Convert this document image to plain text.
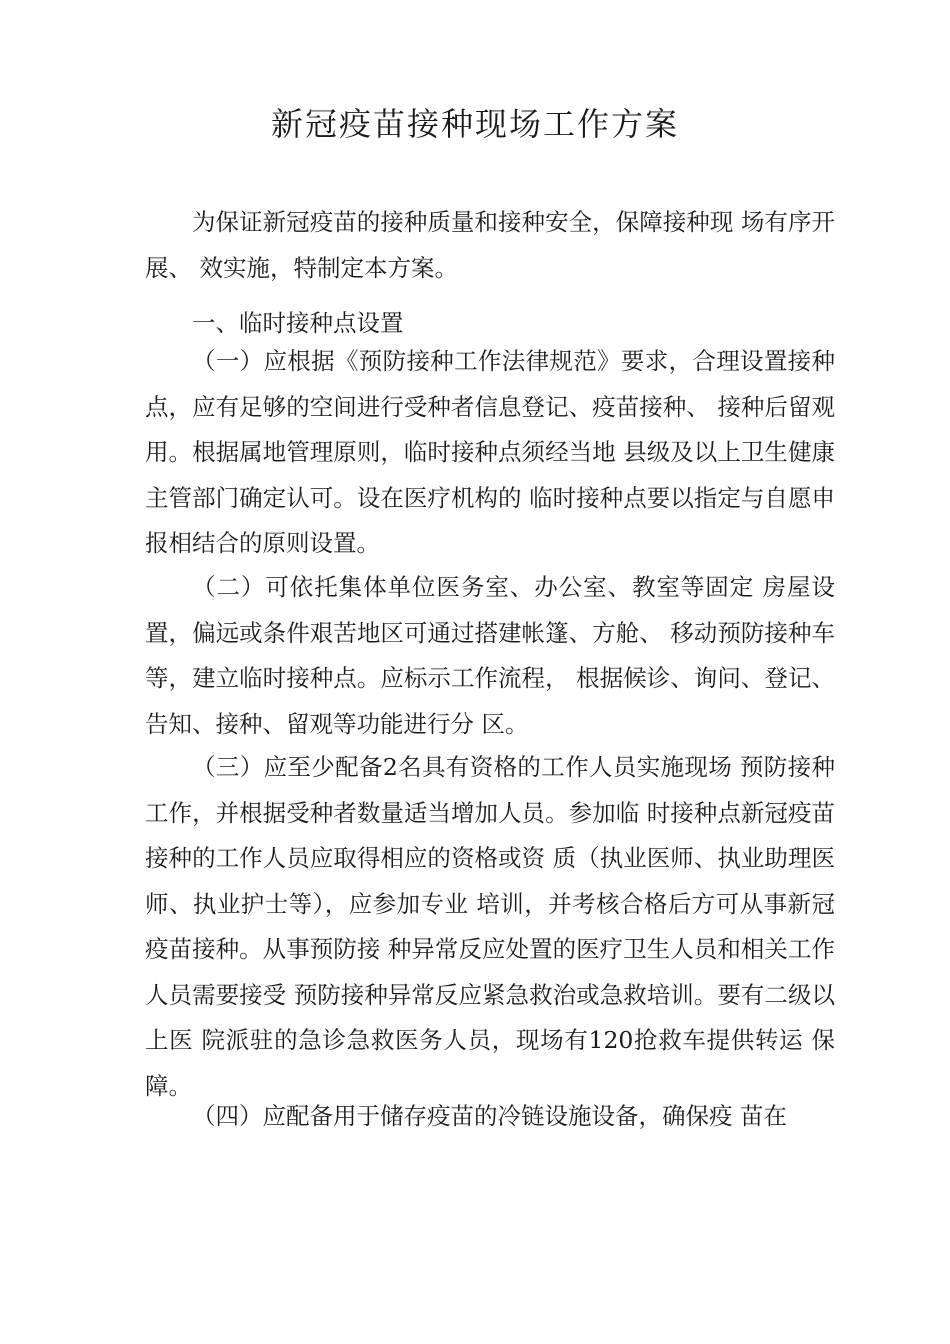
新冠疫苗接种现场工作方案

为保证新冠疫苗的接种质量和接种安全，保障接种现 场有序开展、 效实施，特制定本方案。

一、临时接种点设置

（一）应根据《预防接种工作法律规范》要求，合理设置接种点，应有足够的空间进行受种者信息登记、疫苗接种、 接种后留观用。根据属地管理原则，临时接种点须经当地 县级及以上卫生健康主管部门确定认可。设在医疗机构的 临时接种点要以指定与自愿申报相结合的原则设置。

（二）可依托集体单位医务室、办公室、教室等固定 房屋设置，偏远或条件艰苦地区可通过搭建帐篷、方舱、 移动预防接种车等，建立临时接种点。应标示工作流程， 根据候诊、询问、登记、告知、接种、留观等功能进行分 区。

（三）应至少配备2名具有资格的工作人员实施现场 预防接种工作，并根据受种者数量适当增加人员。参加临 时接种点新冠疫苗接种的工作人员应取得相应的资格或资 质（执业医师、执业助理医师、执业护士等），应参加专业 培训，并考核合格后方可从事新冠疫苗接种。从事预防接 种异常反应处置的医疗卫生人员和相关工作人员需要接受 预防接种异常反应紧急救治或急救培训。要有二级以上医 院派驻的急诊急救医务人员，现场有120抢救车提供转运 保障。

（四）应配备用于储存疫苗的冷链设施设备，确保疫 苗在
